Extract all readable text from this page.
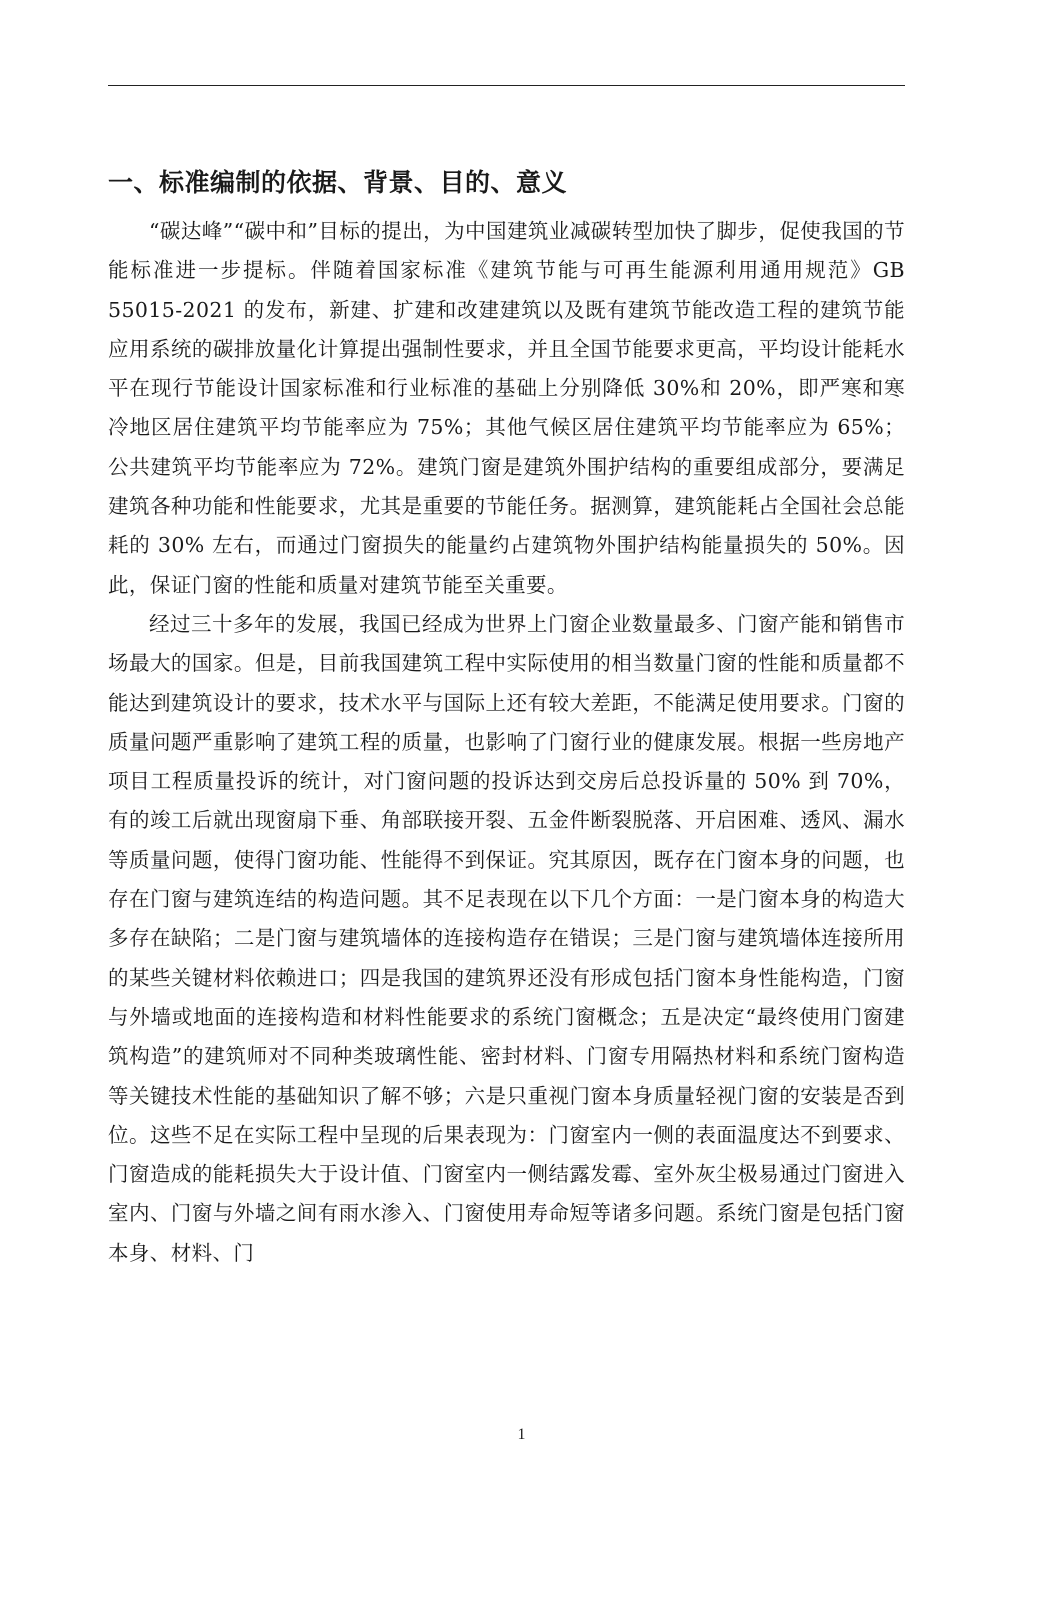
一、标准编制的依据、背景、目的、意义

“碳达峰”“碳中和”目标的提出，为中国建筑业减碳转型加快了脚步，促使我国的节能标准进一步提标。伴随着国家标准《建筑节能与可再生能源利用通用规范》GB 55015-2021 的发布，新建、扩建和改建建筑以及既有建筑节能改造工程的建筑节能应用系统的碳排放量化计算提出强制性要求，并且全国节能要求更高，平均设计能耗水平在现行节能设计国家标准和行业标准的基础上分别降低 30%和 20%，即严寒和寒冷地区居住建筑平均节能率应为 75%；其他气候区居住建筑平均节能率应为 65%；公共建筑平均节能率应为 72%。建筑门窗是建筑外围护结构的重要组成部分，要满足建筑各种功能和性能要求，尤其是重要的节能任务。据测算，建筑能耗占全国社会总能耗的 30% 左右，而通过门窗损失的能量约占建筑物外围护结构能量损失的 50%。因此，保证门窗的性能和质量对建筑节能至关重要。

经过三十多年的发展，我国已经成为世界上门窗企业数量最多、门窗产能和销售市场最大的国家。但是，目前我国建筑工程中实际使用的相当数量门窗的性能和质量都不能达到建筑设计的要求，技术水平与国际上还有较大差距，不能满足使用要求。门窗的质量问题严重影响了建筑工程的质量，也影响了门窗行业的健康发展。根据一些房地产项目工程质量投诉的统计，对门窗问题的投诉达到交房后总投诉量的 50% 到 70%，有的竣工后就出现窗扇下垂、角部联接开裂、五金件断裂脱落、开启困难、透风、漏水等质量问题，使得门窗功能、性能得不到保证。究其原因，既存在门窗本身的问题，也存在门窗与建筑连结的构造问题。其不足表现在以下几个方面：一是门窗本身的构造大多存在缺陷；二是门窗与建筑墙体的连接构造存在错误；三是门窗与建筑墙体连接所用的某些关键材料依赖进口；四是我国的建筑界还没有形成包括门窗本身性能构造，门窗与外墙或地面的连接构造和材料性能要求的系统门窗概念；五是决定“最终使用门窗建筑构造”的建筑师对不同种类玻璃性能、密封材料、门窗专用隔热材料和系统门窗构造等关键技术性能的基础知识了解不够；六是只重视门窗本身质量轻视门窗的安装是否到位。这些不足在实际工程中呈现的后果表现为：门窗室内一侧的表面温度达不到要求、门窗造成的能耗损失大于设计值、门窗室内一侧结露发霉、室外灰尘极易通过门窗进入室内、门窗与外墙之间有雨水渗入、门窗使用寿命短等诸多问题。系统门窗是包括门窗本身、材料、门

1
